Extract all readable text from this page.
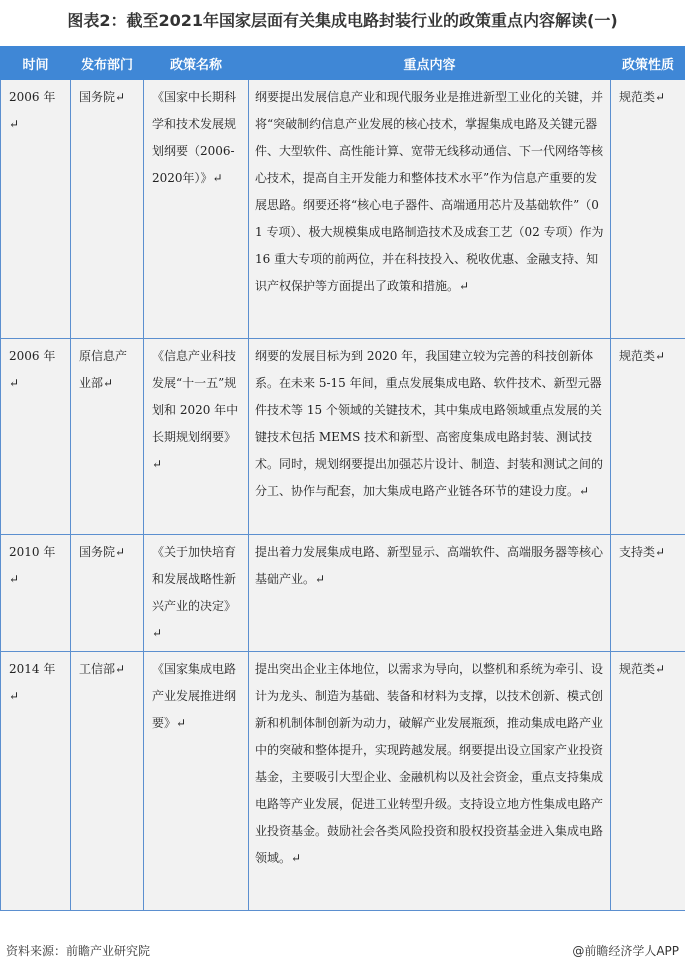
图表2：截至2021年国家层面有关集成电路封装行业的政策重点内容解读(一)
时间	发布部门	政策名称	重点内容	政策性质
2006 年↵	国务院↵	《国家中长期科学和技术发展规划纲要（2006-2020年）》↵	纲要提出发展信息产业和现代服务业是推进新型工业化的关键，并将“突破制约信息产业发展的核心技术，掌握集成电路及关键元器件、大型软件、高性能计算、宽带无线移动通信、下一代网络等核心技术，提高自主开发能力和整体技术水平”作为信息产重要的发展思路。纲要还将“核心电子器件、高端通用芯片及基础软件”（01 专项）、极大规模集成电路制造技术及成套工艺（02 专项）作为 16 重大专项的前两位，并在科技投入、税收优惠、金融支持、知识产权保护等方面提出了政策和措施。↵	规范类↵
2006 年↵	原信息产业部↵	《信息产业科技发展“十一五”规划和 2020 年中长期规划纲要》↵	纲要的发展目标为到 2020 年，我国建立较为完善的科技创新体系。在未来 5-15 年间，重点发展集成电路、软件技术、新型元器件技术等 15 个领域的关键技术，其中集成电路领域重点发展的关键技术包括 MEMS 技术和新型、高密度集成电路封装、测试技术。同时，规划纲要提出加强芯片设计、制造、封装和测试之间的分工、协作与配套，加大集成电路产业链各环节的建设力度。↵	规范类↵
2010 年↵	国务院↵	《关于加快培育和发展战略性新兴产业的决定》↵	提出着力发展集成电路、新型显示、高端软件、高端服务器等核心基础产业。↵	支持类↵
2014 年↵	工信部↵	《国家集成电路产业发展推进纲要》↵	提出突出企业主体地位，以需求为导向，以整机和系统为牵引、设计为龙头、制造为基础、装备和材料为支撑，以技术创新、模式创新和机制体制创新为动力，破解产业发展瓶颈，推动集成电路产业中的突破和整体提升，实现跨越发展。纲要提出设立国家产业投资基金，主要吸引大型企业、金融机构以及社会资金，重点支持集成电路等产业发展，促进工业转型升级。支持设立地方性集成电路产业投资基金。鼓励社会各类风险投资和股权投资基金进入集成电路领域。↵	规范类↵
资料来源：前瞻产业研究院	@前瞻经济学人APP
